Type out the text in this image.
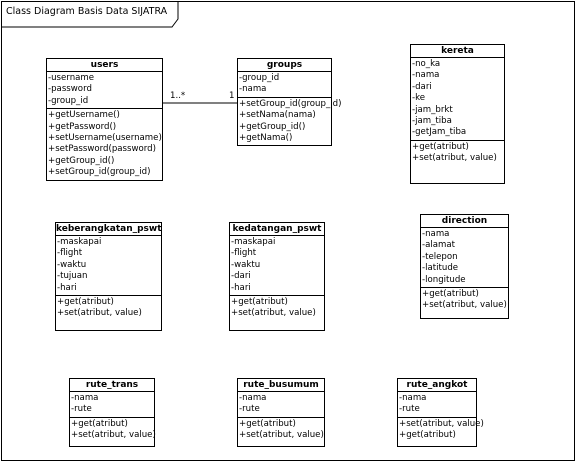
Class Diagram Basis Data SIJATRA
1..*	1
users
-username
-password
-group_id
+getUsername()
+getPassword()
+setUsername(username)
+setPassword(password)
+getGroup_id()
+setGroup_id(group_id)
groups
-group_id
-nama
+setGroup_id(group_id)
+setNama(nama)
+getGroup_id()
+getNama()
kereta
-no_ka
-nama
-dari
-ke
-jam_brkt
-jam_tiba
-getJam_tiba
+get(atribut)
+set(atribut, value)
keberangkatan_pswt
-maskapai
-flight
-waktu
-tujuan
-hari
+get(atribut)
+set(atribut, value)
kedatangan_pswt
-maskapai
-flight
-waktu
-dari
-hari
+get(atribut)
+set(atribut, value)
direction
-nama
-alamat
-telepon
-latitude
-longitude
+get(atribut)
+set(atribut, value)
rute_trans
-nama
-rute
+get(atribut)
+set(atribut, value)
rute_busumum
-nama
-rute
+get(atribut)
+set(atribut, value)
rute_angkot
-nama
-rute
+set(atribut, value)
+get(atribut)
